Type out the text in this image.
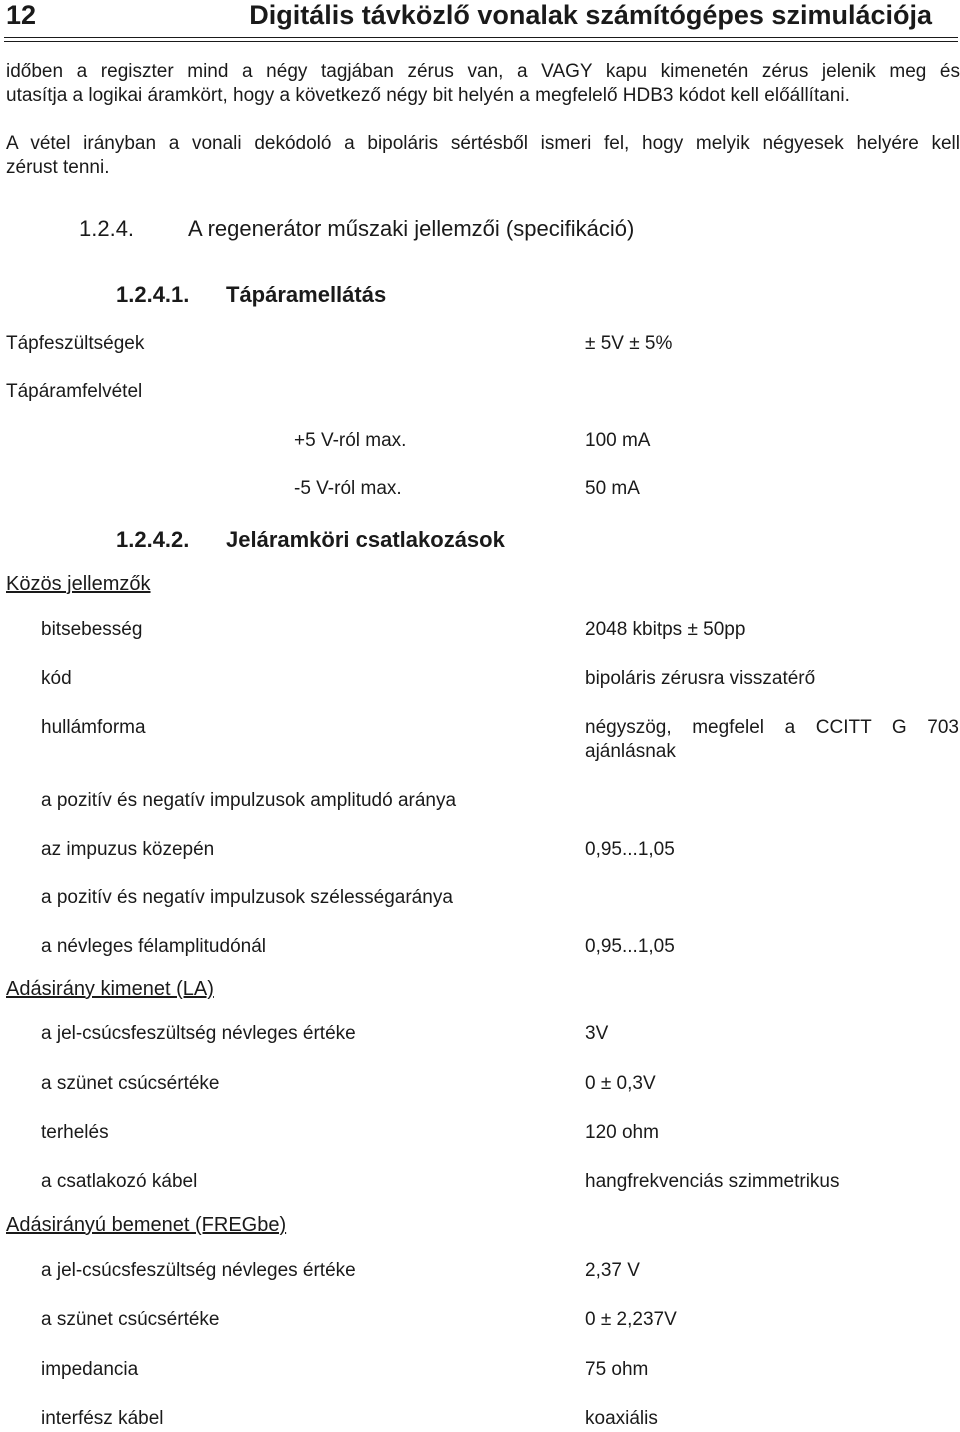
12	Digitális távközlő vonalak számítógépes szimulációja
időben a regiszter mind a négy tagjában zérus van, a VAGY kapu kimenetén zérus jelenik meg és
utasítja a logikai áramkört, hogy a következő négy bit helyén a megfelelő HDB3 kódot kell előállítani.
A vétel irányban a vonali dekódoló a bipoláris sértésből ismeri fel, hogy melyik négyesek helyére kell
zérust tenni.
1.2.4. A regenerátor műszaki jellemzői (specifikáció)
1.2.4.1. Tápáramellátás
Tápfeszültségek	± 5V ± 5%
Tápáramfelvétel
+5 V-ról max.	100 mA
-5 V-ról max.	50 mA
1.2.4.2. Jeláramköri csatlakozások
Közös jellemzők
bitsebesség	2048 kbitps ± 50pp
kód	bipoláris zérusra visszatérő
hullámforma	négyszög, megfelel a CCITT G 703
ajánlásnak
a pozitív és negatív impulzusok amplitudó aránya
az impuzus közepén	0,95...1,05
a pozitív és negatív impulzusok szélességaránya
a névleges félamplitudónál	0,95...1,05
Adásirány kimenet (LA)
a jel-csúcsfeszültség névleges értéke	3V
a szünet csúcsértéke	0 ± 0,3V
terhelés	120 ohm
a csatlakozó kábel	hangfrekvenciás szimmetrikus
Adásirányú bemenet (FREGbe)
a jel-csúcsfeszültség névleges értéke	2,37 V
a szünet csúcsértéke	0 ± 2,237V
impedancia	75 ohm
interfész kábel	koaxiális
